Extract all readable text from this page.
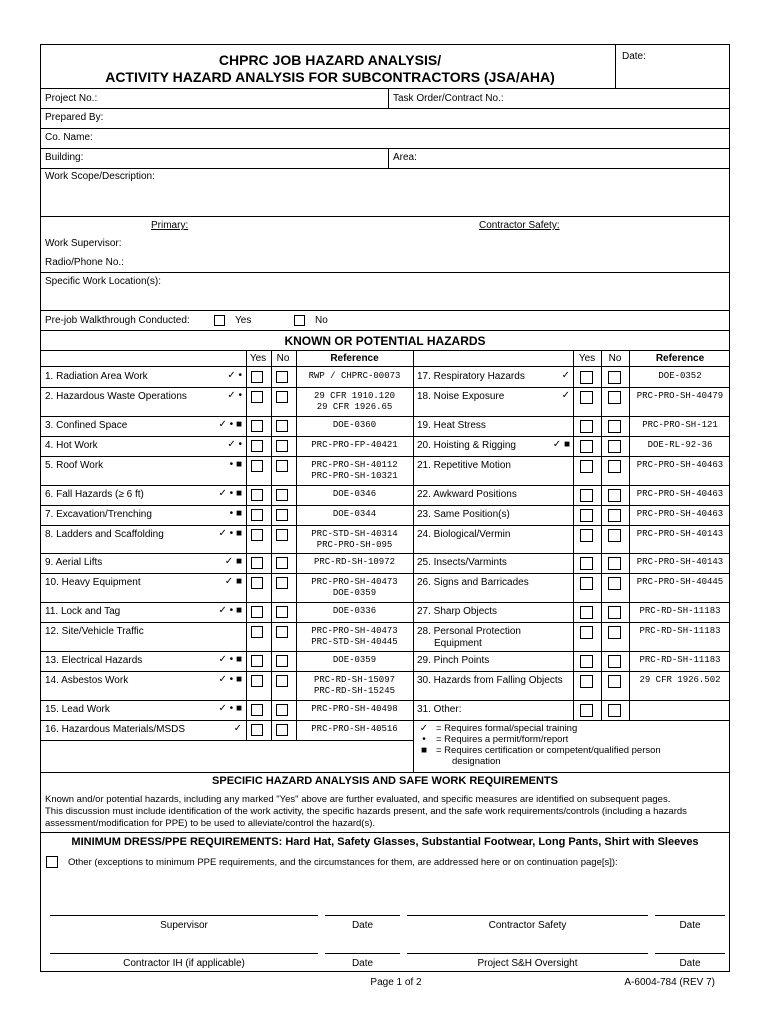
CHPRC JOB HAZARD ANALYSIS/
ACTIVITY HAZARD ANALYSIS FOR SUBCONTRACTORS (JSA/AHA)
Date:
Project No.:	Task Order/Contract No.:
Prepared By:
Co. Name:
Building:	Area:
Work Scope/Description:
Primary:	Contractor Safety:
Work Supervisor:
Radio/Phone No.:
Specific Work Location(s):
Pre-job Walkthrough Conducted:	Yes	No
KNOWN OR POTENTIAL HAZARDS
Yes	No	Reference	Yes	No	Reference
1. Radiation Area Work	✓ •	RWP / CHPRC-00073
2. Hazardous Waste Operations	✓ •	29 CFR 1910.120
29 CFR 1926.65
3. Confined Space	✓ • ■	DOE-0360
4. Hot Work	✓ •	PRC-PRO-FP-40421
5. Roof Work	• ■	PRC-PRO-SH-40112
PRC-PRO-SH-10321
6. Fall Hazards (≥ 6 ft)	✓ • ■	DOE-0346
7. Excavation/Trenching	• ■	DOE-0344
8. Ladders and Scaffolding	✓ • ■	PRC-STD-SH-40314
PRC-PRO-SH-095
9. Aerial Lifts	✓ ■	PRC-RD-SH-10972
10. Heavy Equipment	✓ ■	PRC-PRO-SH-40473
DOE-0359
11. Lock and Tag	✓ • ■	DOE-0336
12. Site/Vehicle Traffic	PRC-PRO-SH-40473
PRC-STD-SH-40445
13. Electrical Hazards	✓ • ■	DOE-0359
14. Asbestos Work	✓ • ■	PRC-RD-SH-15097
PRC-RD-SH-15245
15. Lead Work	✓ • ■	PRC-PRO-SH-40498
16. Hazardous Materials/MSDS	✓	PRC-PRO-SH-40516
17. Respiratory Hazards	✓	DOE-0352
18. Noise Exposure	✓	PRC-PRO-SH-40479
19. Heat Stress	PRC-PRO-SH-121
20. Hoisting & Rigging	✓ ■	DOE-RL-92-36
21. Repetitive Motion	PRC-PRO-SH-40463
22. Awkward Positions	PRC-PRO-SH-40463
23. Same Position(s)	PRC-PRO-SH-40463
24. Biological/Vermin	PRC-PRO-SH-40143
25. Insects/Varmints	PRC-PRO-SH-40143
26. Signs and Barricades	PRC-PRO-SH-40445
27. Sharp Objects	PRC-RD-SH-11183
28. Personal Protection
Equipment
PRC-RD-SH-11183
29. Pinch Points	PRC-RD-SH-11183
30. Hazards from Falling Objects	29 CFR 1926.502
31. Other:
✓ = Requires formal/special training
•	= Requires a permit/form/report
■ = Requires certification or competent/qualified person
designation
SPECIFIC HAZARD ANALYSIS AND SAFE WORK REQUIREMENTS
Known and/or potential hazards, including any marked "Yes" above are further evaluated, and specific measures are identified on subsequent pages.
This discussion must include identification of the work activity, the specific hazards present, and the safe work requirements/controls (including a hazards
assessment/modification for PPE) to be used to alleviate/control the hazard(s).
MINIMUM DRESS/PPE REQUIREMENTS: Hard Hat, Safety Glasses, Substantial Footwear, Long Pants, Shirt with Sleeves
Other (exceptions to minimum PPE requirements, and the circumstances for them, are addressed here or on continuation page[s]):
Supervisor	Date	Contractor Safety	Date
Contractor IH (if applicable)	Date	Project S&H Oversight	Date
Page 1 of 2	A-6004-784 (REV 7)
